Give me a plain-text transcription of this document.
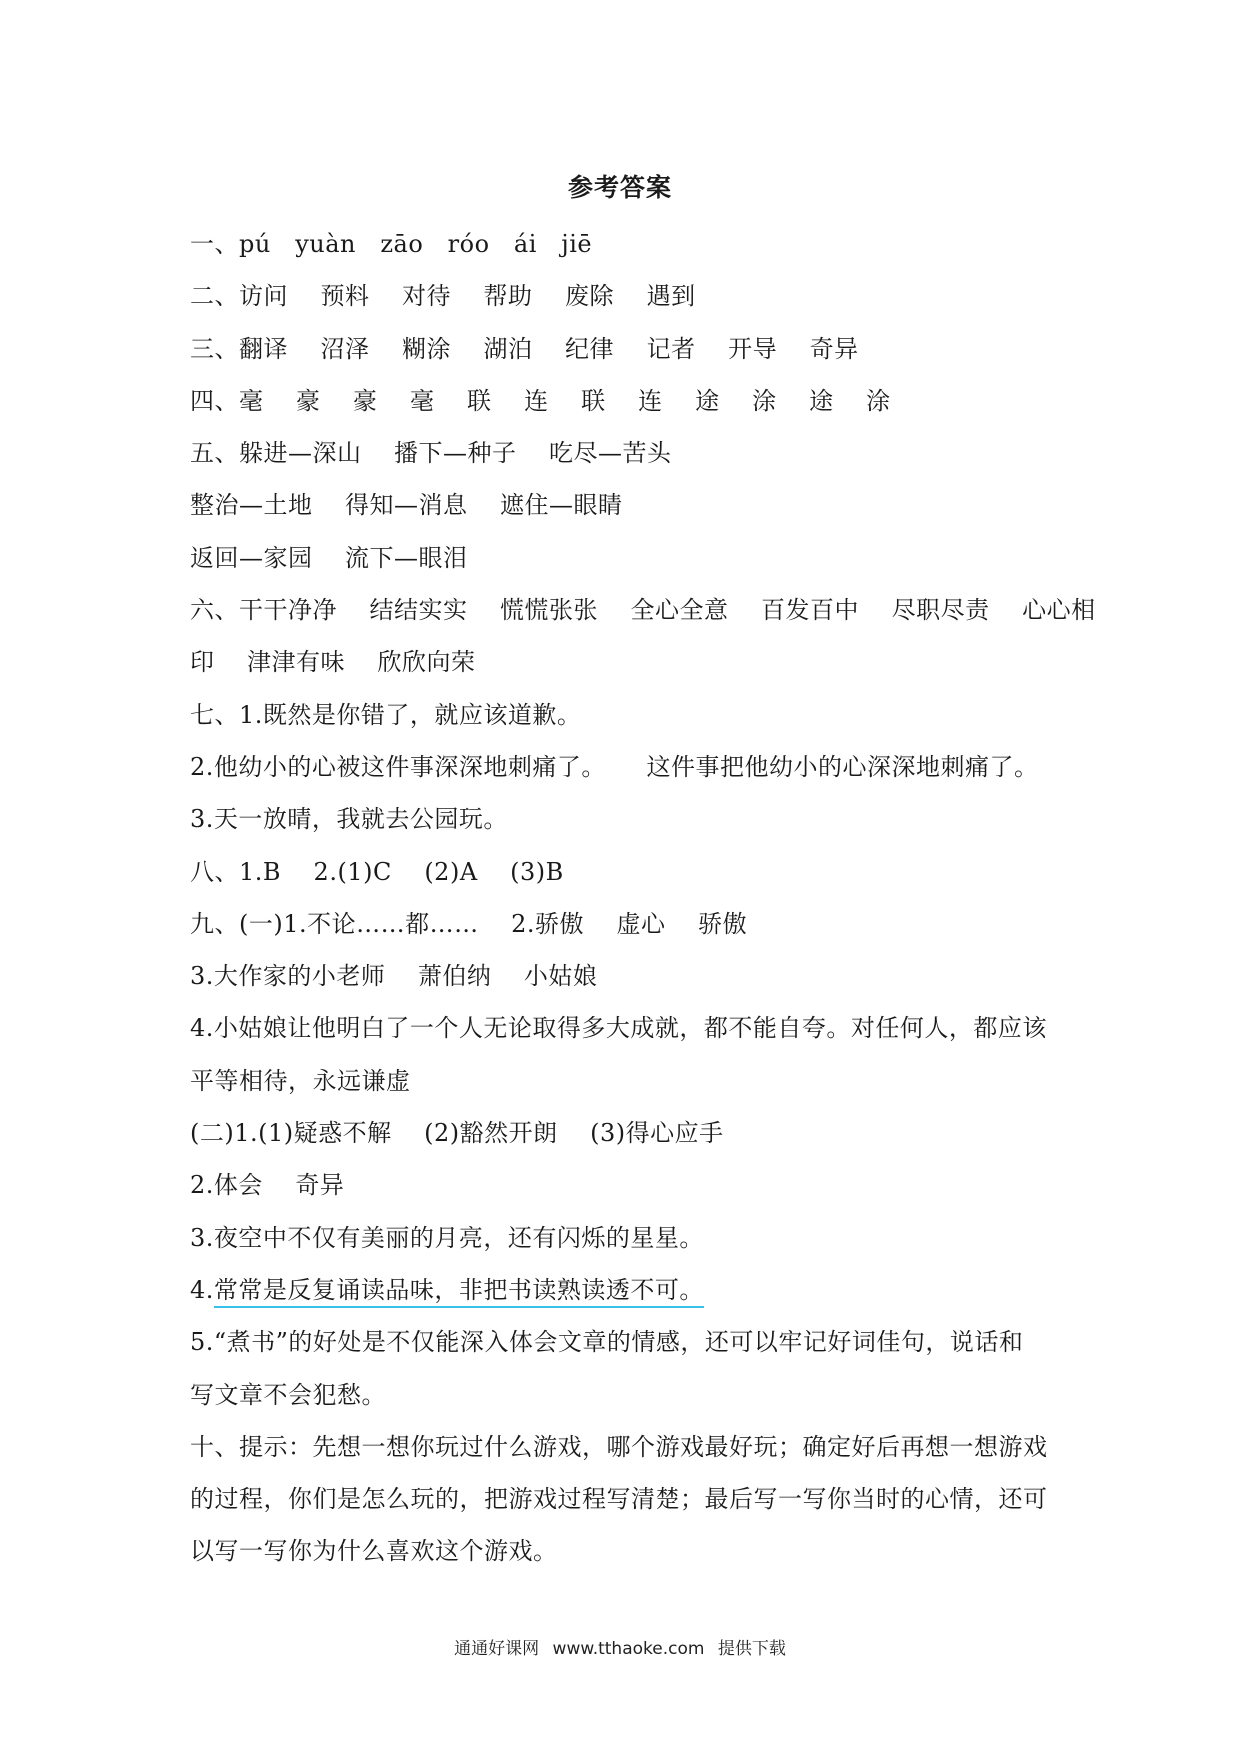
参考答案
一、pú   yuàn   zāo   róo   ái   jiē
二、访问    预料    对待    帮助    废除    遇到
三、翻译    沼泽    糊涂    湖泊    纪律    记者    开导    奇异
四、毫    豪    豪    毫    联    连    联    连    途    涂    途    涂
五、躲进—深山    播下—种子    吃尽—苦头
整治—土地    得知—消息    遮住—眼睛
返回—家园    流下—眼泪
六、干干净净    结结实实    慌慌张张    全心全意    百发百中    尽职尽责    心心相
印    津津有味    欣欣向荣
七、1.既然是你错了，就应该道歉。
2.他幼小的心被这件事深深地刺痛了。     这件事把他幼小的心深深地刺痛了。
3.天一放晴，我就去公园玩。
八、1.B    2.(1)C    (2)A    (3)B
九、(一)1.不论……都……    2.骄傲    虚心    骄傲
3.大作家的小老师    萧伯纳    小姑娘
4.小姑娘让他明白了一个人无论取得多大成就，都不能自夸。对任何人，都应该
平等相待，永远谦虚
(二)1.(1)疑惑不解    (2)豁然开朗    (3)得心应手
2.体会    奇异
3.夜空中不仅有美丽的月亮，还有闪烁的星星。
4.常常是反复诵读品味，非把书读熟读透不可。
5.“煮书”的好处是不仅能深入体会文章的情感，还可以牢记好词佳句，说话和
写文章不会犯愁。
十、提示：先想一想你玩过什么游戏，哪个游戏最好玩；确定好后再想一想游戏
的过程，你们是怎么玩的，把游戏过程写清楚；最后写一写你当时的心情，还可
以写一写你为什么喜欢这个游戏。
通通好课网 www.tthaoke.com 提供下载
